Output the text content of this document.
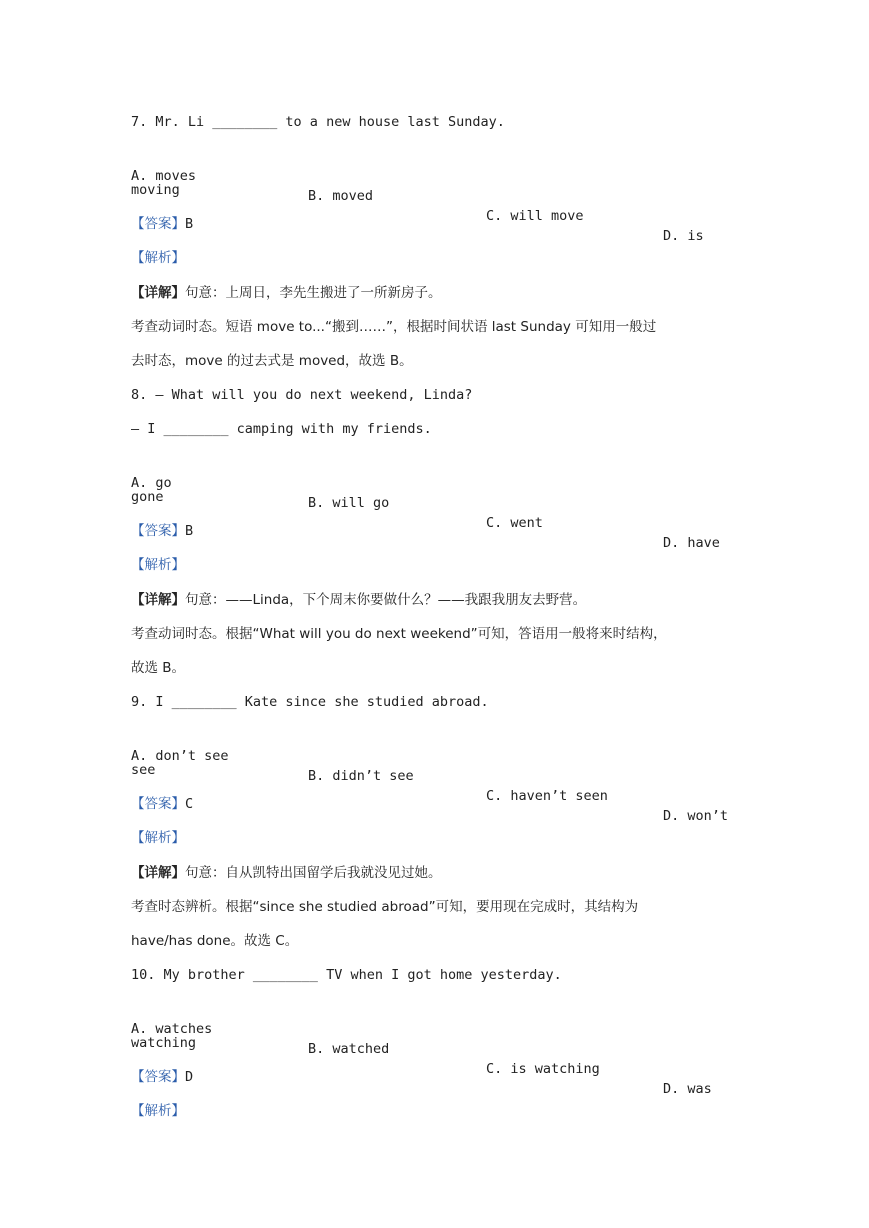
7. Mr. Li ________ to a new house last Sunday.

A. moves

B. moved

C. will move

D. is

moving
【答案】B
【解析】
【详解】句意：上周日，李先生搬进了一所新房子。
考查动词时态。短语 move to...“搬到……”，根据时间状语 last Sunday 可知用一般过
去时态，move 的过去式是 moved，故选 B。
8. — What will you do next weekend, Linda?
— I ________ camping with my friends.

A. go

B. will go

C. went

D. have

gone
【答案】B
【解析】
【详解】句意：——Linda，下个周末你要做什么？——我跟我朋友去野营。
考查动词时态。根据“What will you do next weekend”可知，答语用一般将来时结构，
故选 B。
9. I ________ Kate since she studied abroad.

A. don’t see

B. didn’t see

C. haven’t seen

D. won’t

see
【答案】C
【解析】
【详解】句意：自从凯特出国留学后我就没见过她。
考查时态辨析。根据“since she studied abroad”可知，要用现在完成时，其结构为
have/has done。故选 C。
10. My brother ________ TV when I got home yesterday.

A. watches

B. watched

C. is watching

D. was

watching
【答案】D
【解析】
